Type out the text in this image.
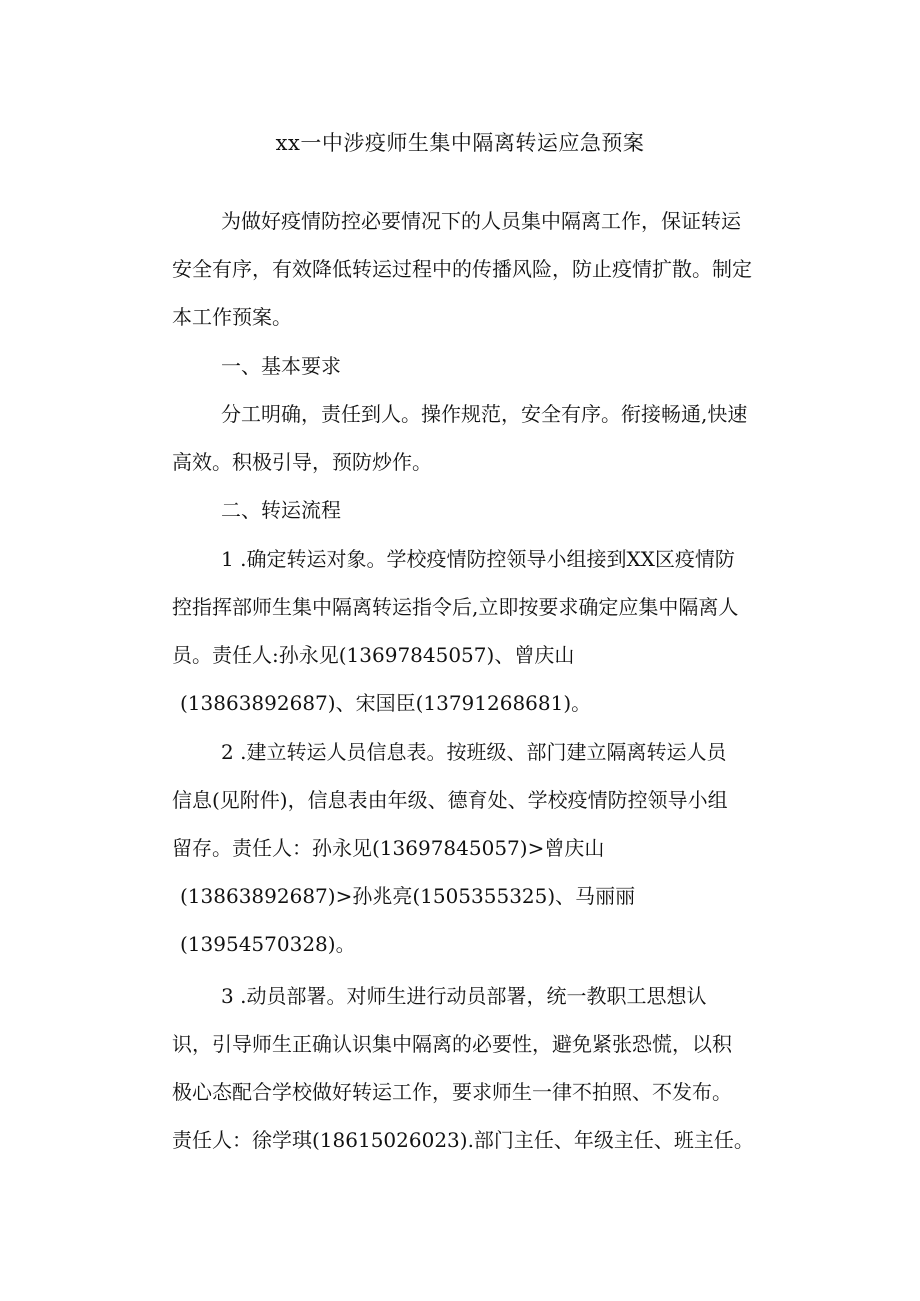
xx一中涉疫师生集中隔离转运应急预案
为做好疫情防控必要情况下的人员集中隔离工作，保证转运
安全有序，有效降低转运过程中的传播风险，防止疫情扩散。制定
本工作预案。
一、基本要求
分工明确，责任到人。操作规范，安全有序。衔接畅通,快速
高效。积极引导，预防炒作。
二、转运流程
1 .确定转运对象。学校疫情防控领导小组接到XX区疫情防
控指挥部师生集中隔离转运指令后,立即按要求确定应集中隔离人
员。责任人:孙永见(13697845057)、曾庆山
(13863892687)、宋国臣(13791268681)。
2 .建立转运人员信息表。按班级、部门建立隔离转运人员
信息(见附件)，信息表由年级、德育处、学校疫情防控领导小组
留存。责任人：孙永见(13697845057)>曾庆山
(13863892687)>孙兆亮(1505355325)、马丽丽
(13954570328)。
3 .动员部署。对师生进行动员部署，统一教职工思想认
识，引导师生正确认识集中隔离的必要性，避免紧张恐慌，以积
极心态配合学校做好转运工作，要求师生一律不拍照、不发布。
责任人：徐学琪(18615026023).部门主任、年级主任、班主任。
